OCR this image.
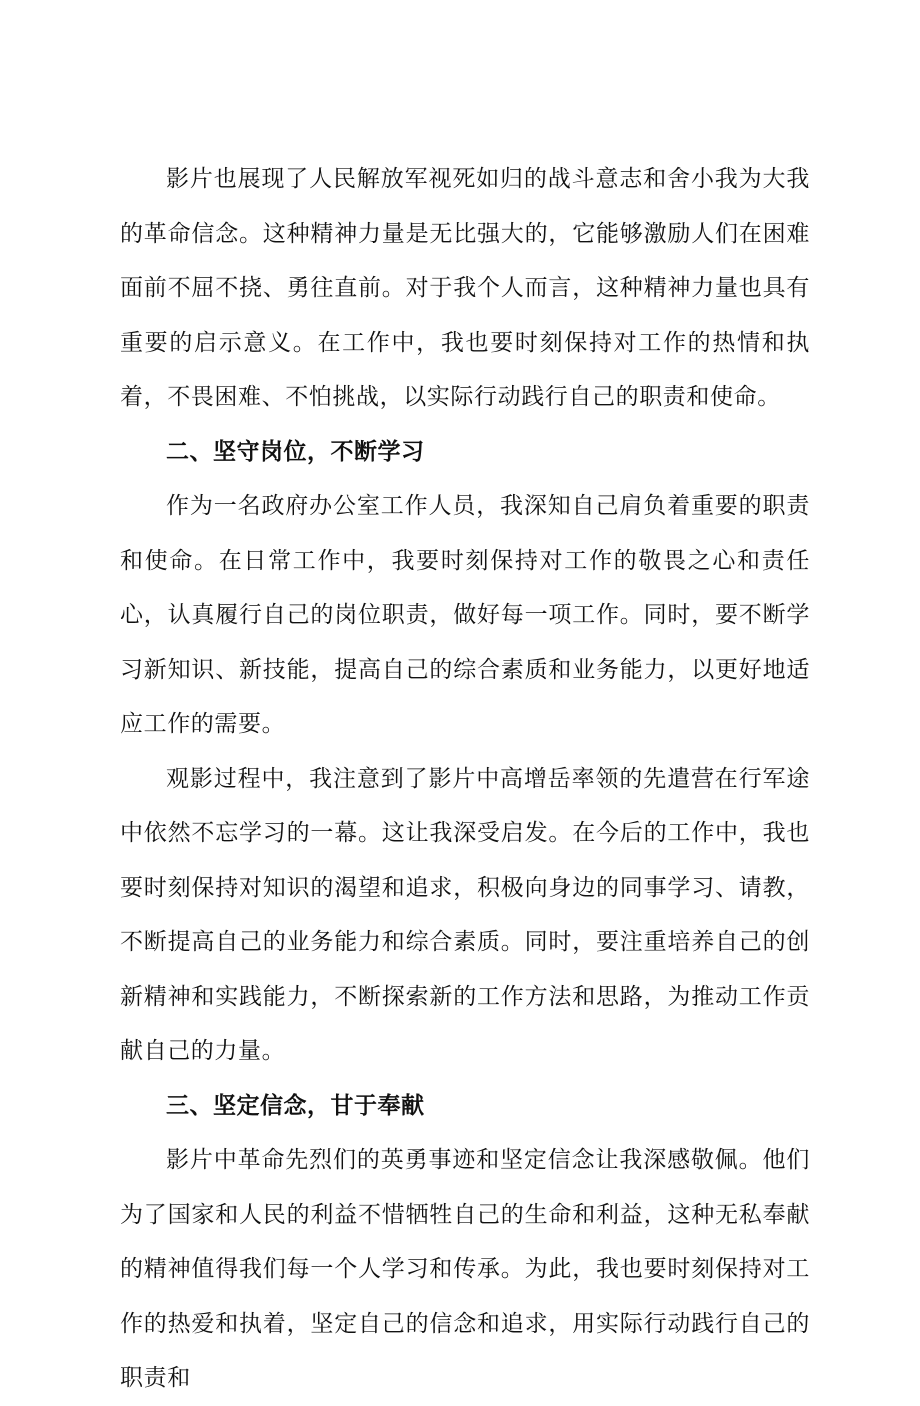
影片也展现了人民解放军视死如归的战斗意志和舍小我为大我的革命信念。这种精神力量是无比强大的，它能够激励人们在困难面前不屈不挠、勇往直前。对于我个人而言，这种精神力量也具有重要的启示意义。在工作中，我也要时刻保持对工作的热情和执着，不畏困难、不怕挑战，以实际行动践行自己的职责和使命。

二、坚守岗位，不断学习

作为一名政府办公室工作人员，我深知自己肩负着重要的职责和使命。在日常工作中，我要时刻保持对工作的敬畏之心和责任心，认真履行自己的岗位职责，做好每一项工作。同时，要不断学习新知识、新技能，提高自己的综合素质和业务能力，以更好地适应工作的需要。

观影过程中，我注意到了影片中高增岳率领的先遣营在行军途中依然不忘学习的一幕。这让我深受启发。在今后的工作中，我也要时刻保持对知识的渴望和追求，积极向身边的同事学习、请教，不断提高自己的业务能力和综合素质。同时，要注重培养自己的创新精神和实践能力，不断探索新的工作方法和思路，为推动工作贡献自己的力量。

三、坚定信念，甘于奉献

影片中革命先烈们的英勇事迹和坚定信念让我深感敬佩。他们为了国家和人民的利益不惜牺牲自己的生命和利益，这种无私奉献的精神值得我们每一个人学习和传承。为此，我也要时刻保持对工作的热爱和执着，坚定自己的信念和追求，用实际行动践行自己的职责和
